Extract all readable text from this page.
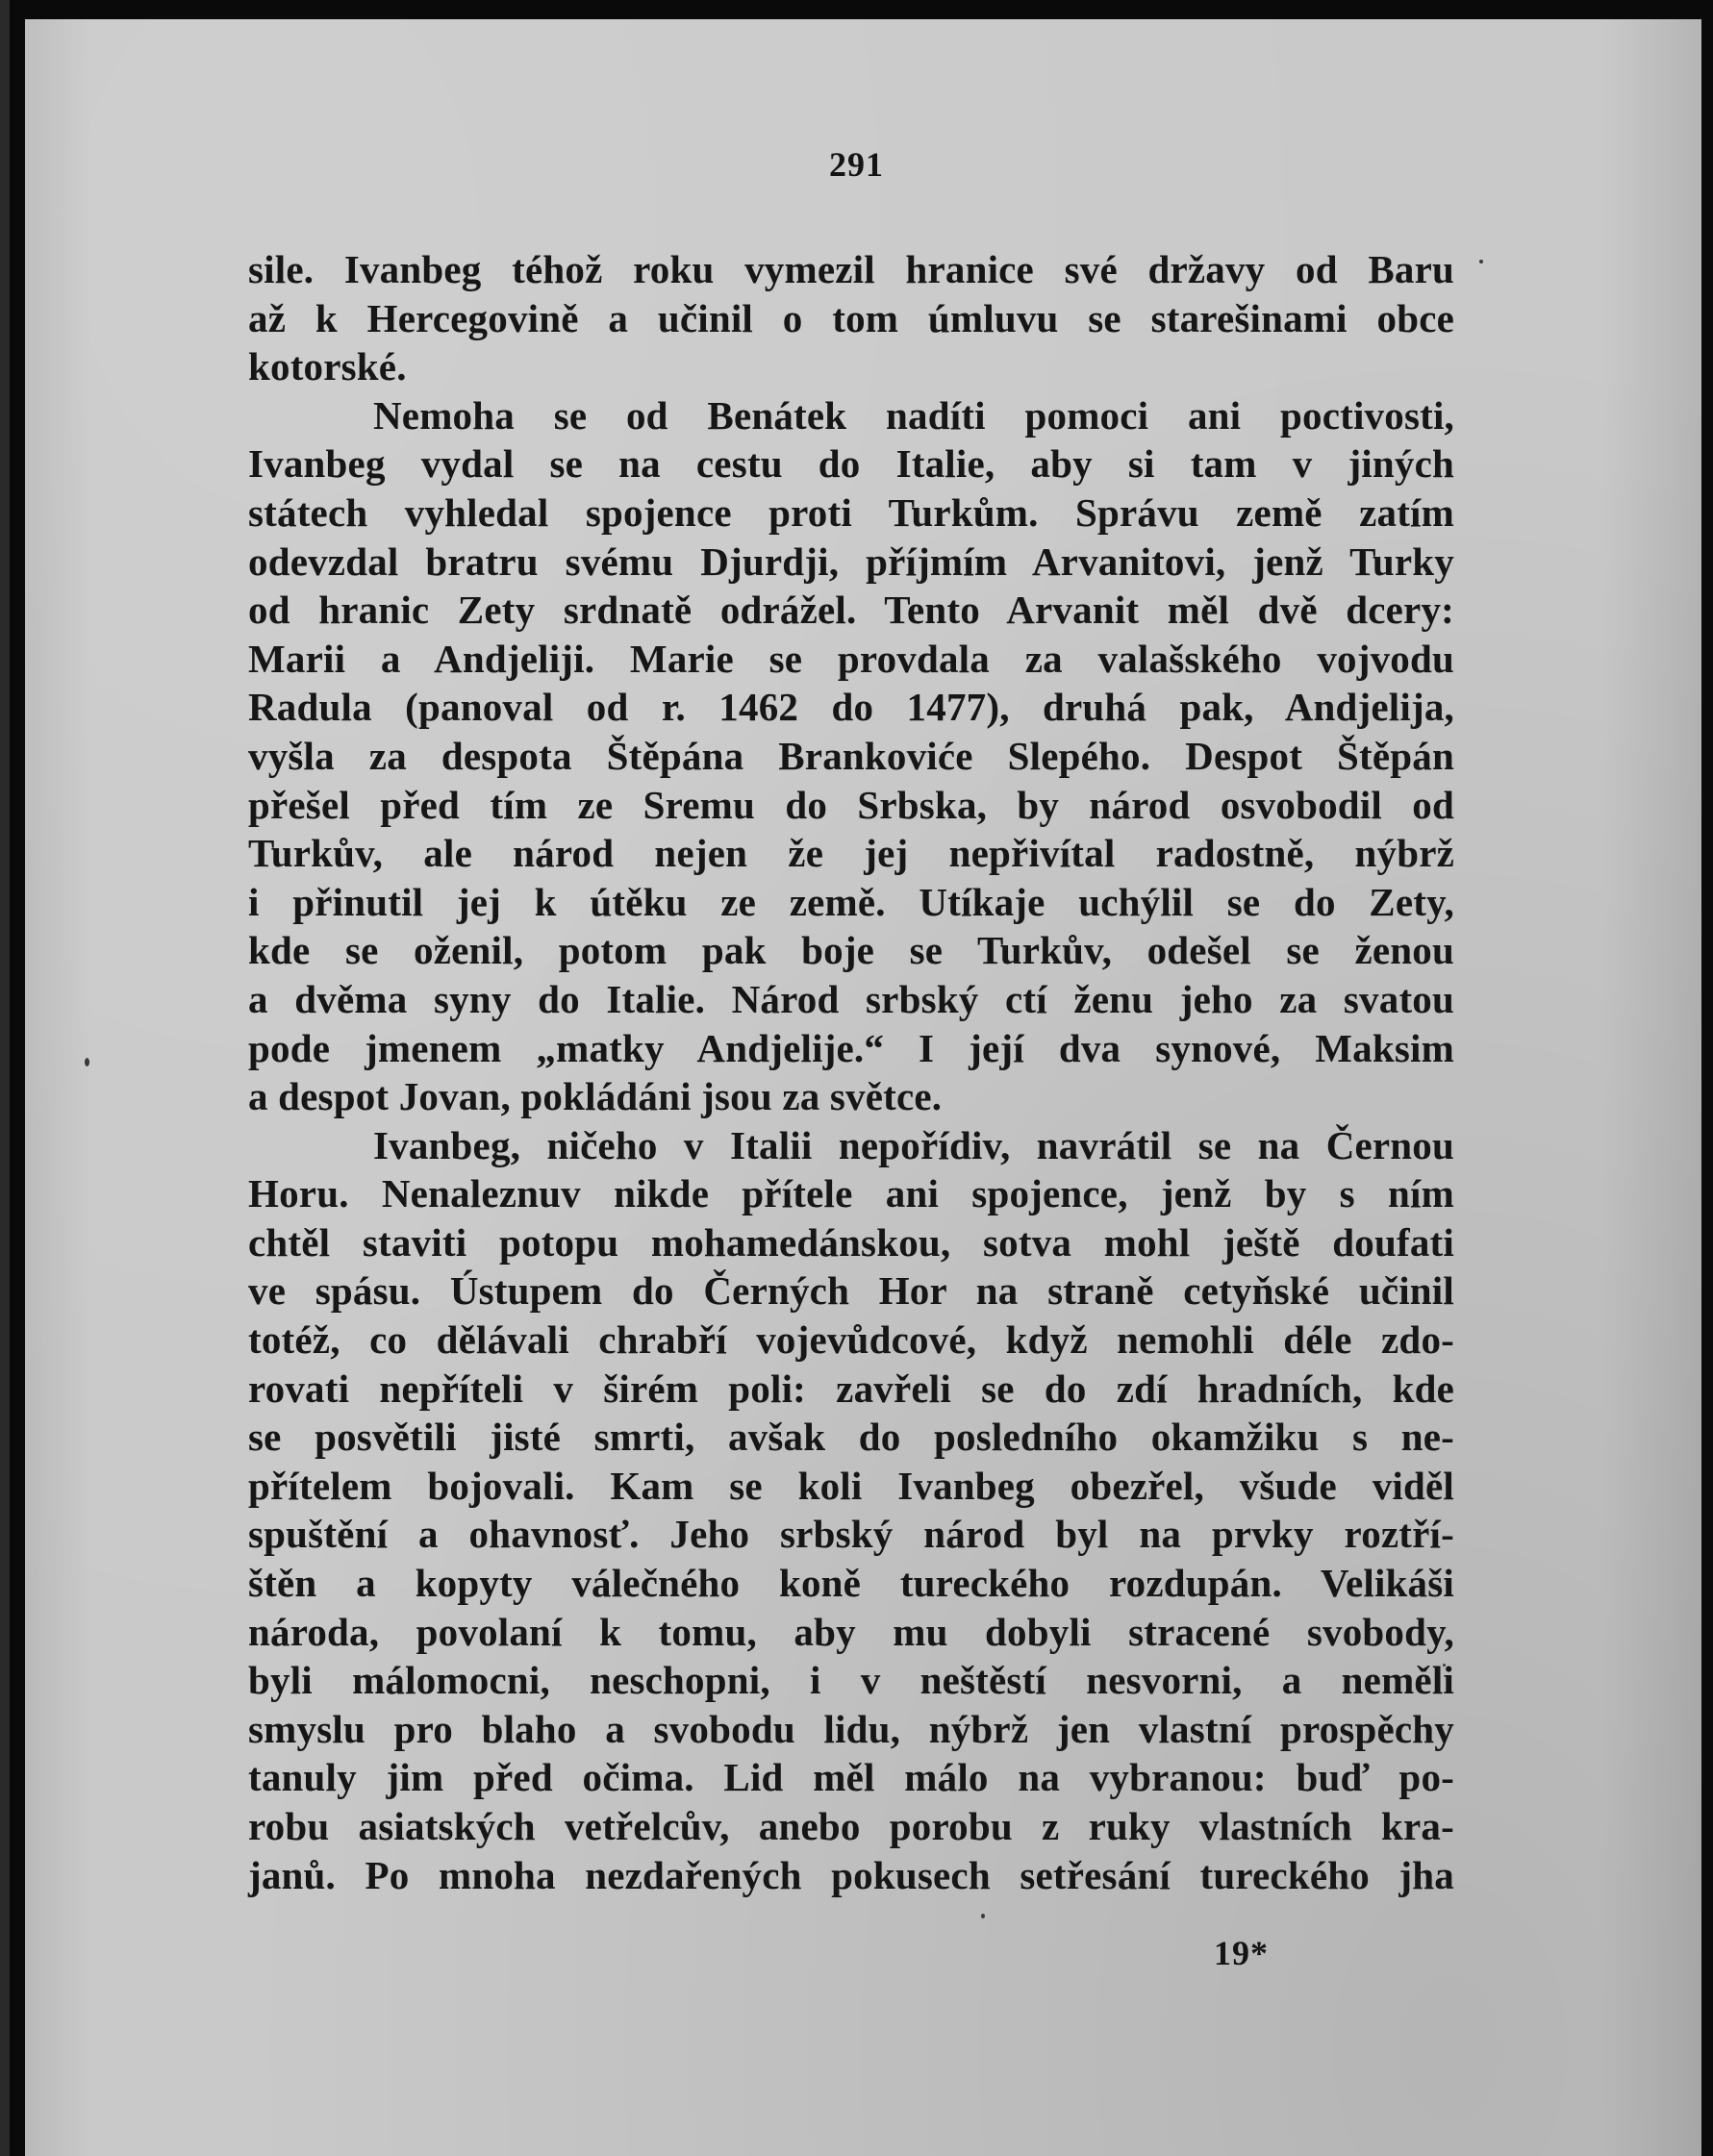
291
sile. Ivanbeg téhož roku vymezil hranice své državy od Baru
až k Hercegovině a učinil o tom úmluvu se starešinami obce
kotorské.
Nemoha se od Benátek nadíti pomoci ani poctivosti,
Ivanbeg vydal se na cestu do Italie, aby si tam v jiných
státech vyhledal spojence proti Turkům. Správu země zatím
odevzdal bratru svému Djurdji, příjmím Arvanitovi, jenž Turky
od hranic Zety srdnatě odrážel. Tento Arvanit měl dvě dcery:
Marii a Andjeliji. Marie se provdala za valašského vojvodu
Radula (panoval od r. 1462 do 1477), druhá pak, Andjelija,
vyšla za despota Štěpána Brankoviće Slepého. Despot Štěpán
přešel před tím ze Sremu do Srbska, by národ osvobodil od
Turkův, ale národ nejen že jej nepřivítal radostně, nýbrž
i přinutil jej k útěku ze země. Utíkaje uchýlil se do Zety,
kde se oženil, potom pak boje se Turkův, odešel se ženou
a dvěma syny do Italie. Národ srbský ctí ženu jeho za svatou
pode jmenem „matky Andjelije.“ I její dva synové, Maksim
a despot Jovan, pokládáni jsou za světce.
Ivanbeg, ničeho v Italii nepořídiv, navrátil se na Černou
Horu. Nenaleznuv nikde přítele ani spojence, jenž by s ním
chtěl staviti potopu mohamedánskou, sotva mohl ještě doufati
ve spásu. Ústupem do Černých Hor na straně cetyňské učinil
totéž, co dělávali chrabří vojevůdcové, když nemohli déle zdo-
rovati nepříteli v širém poli: zavřeli se do zdí hradních, kde
se posvětili jisté smrti, avšak do posledního okamžiku s ne-
přítelem bojovali. Kam se koli Ivanbeg obezřel, všude viděl
spuštění a ohavnosť. Jeho srbský národ byl na prvky roztří-
štěn a kopyty válečného koně tureckého rozdupán. Velikáši
národa, povolaní k tomu, aby mu dobyli stracené svobody,
byli málomocni, neschopni, i v neštěstí nesvorni, a neměli
smyslu pro blaho a svobodu lidu, nýbrž jen vlastní prospěchy
tanuly jim před očima. Lid měl málo na vybranou: buď po-
robu asiatských vetřelcův, anebo porobu z ruky vlastních kra-
janů. Po mnoha nezdařených pokusech setřesání tureckého jha
19*
